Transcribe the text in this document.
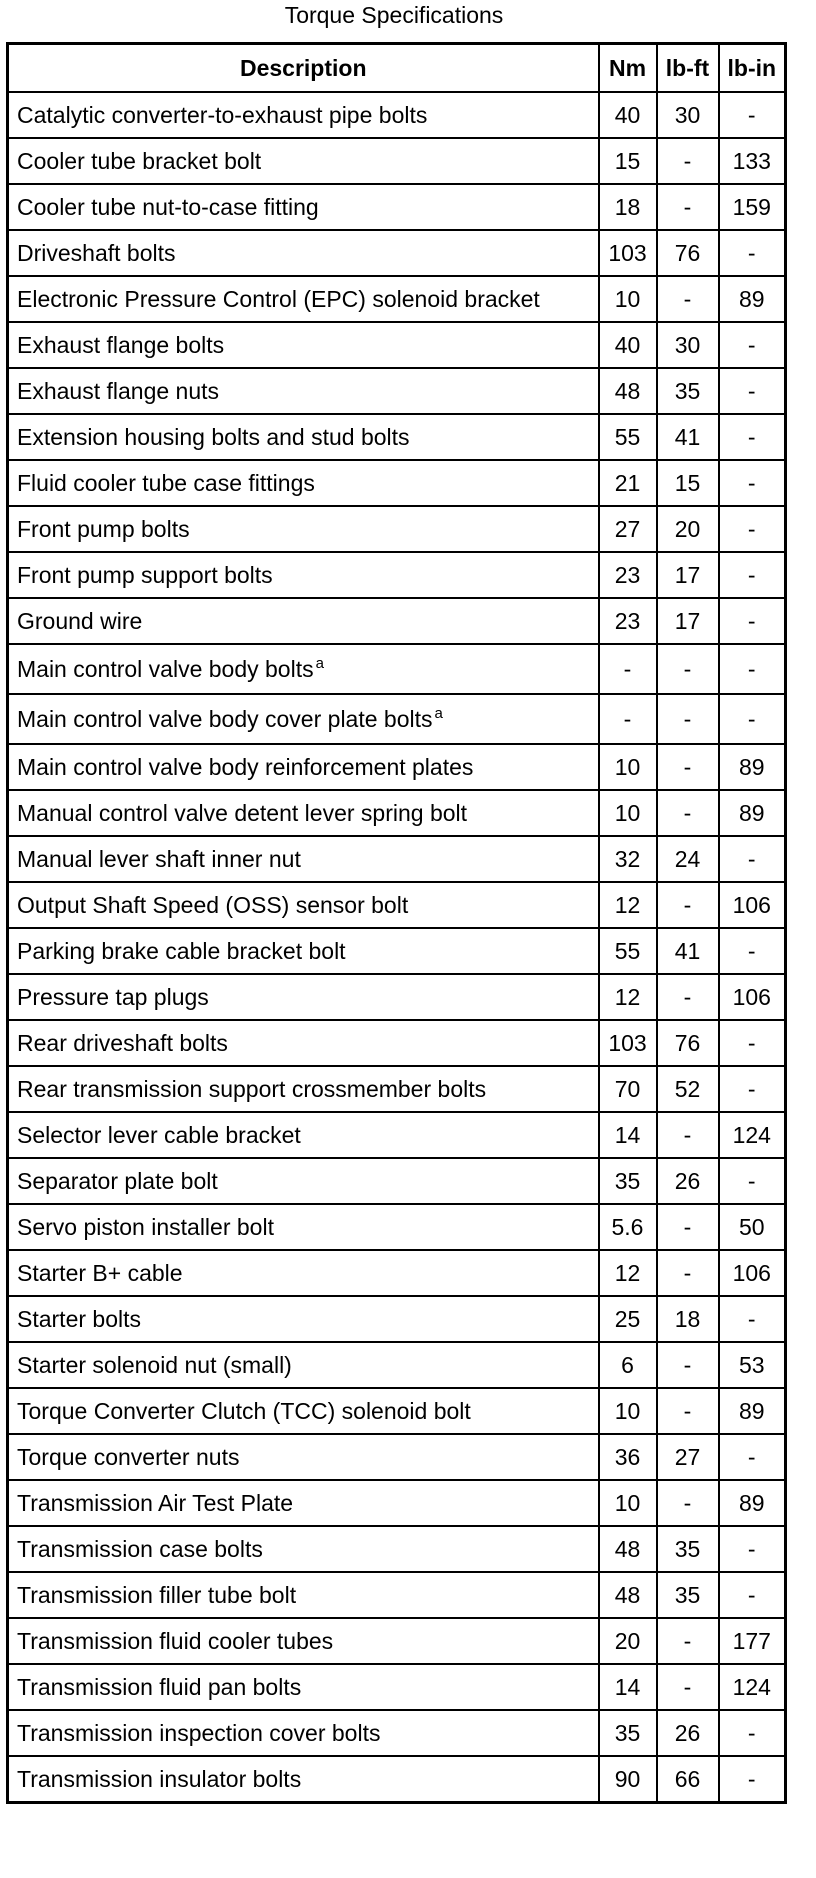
Torque Specifications
Description	Nm	lb-ft	lb-in
Catalytic converter-to-exhaust pipe bolts	40	30	-
Cooler tube bracket bolt	15	-	133
Cooler tube nut-to-case fitting	18	-	159
Driveshaft bolts	103	76	-
Electronic Pressure Control (EPC) solenoid bracket	10	-	89
Exhaust flange bolts	40	30	-
Exhaust flange nuts	48	35	-
Extension housing bolts and stud bolts	55	41	-
Fluid cooler tube case fittings	21	15	-
Front pump bolts	27	20	-
Front pump support bolts	23	17	-
Ground wire	23	17	-
Main control valve body bolts $^a$	-	-	-
Main control valve body cover plate bolts $^a$	-	-	-
Main control valve body reinforcement plates	10	-	89
Manual control valve detent lever spring bolt	10	-	89
Manual lever shaft inner nut	32	24	-
Output Shaft Speed (OSS) sensor bolt	12	-	106
Parking brake cable bracket bolt	55	41	-
Pressure tap plugs	12	-	106
Rear driveshaft bolts	103	76	-
Rear transmission support crossmember bolts	70	52	-
Selector lever cable bracket	14	-	124
Separator plate bolt	35	26	-
Servo piston installer bolt	5.6	-	50
Starter B+ cable	12	-	106
Starter bolts	25	18	-
Starter solenoid nut (small)	6	-	53
Torque Converter Clutch (TCC) solenoid bolt	10	-	89
Torque converter nuts	36	27	-
Transmission Air Test Plate	10	-	89
Transmission case bolts	48	35	-
Transmission filler tube bolt	48	35	-
Transmission fluid cooler tubes	20	-	177
Transmission fluid pan bolts	14	-	124
Transmission inspection cover bolts	35	26	-
Transmission insulator bolts	90	66	-
